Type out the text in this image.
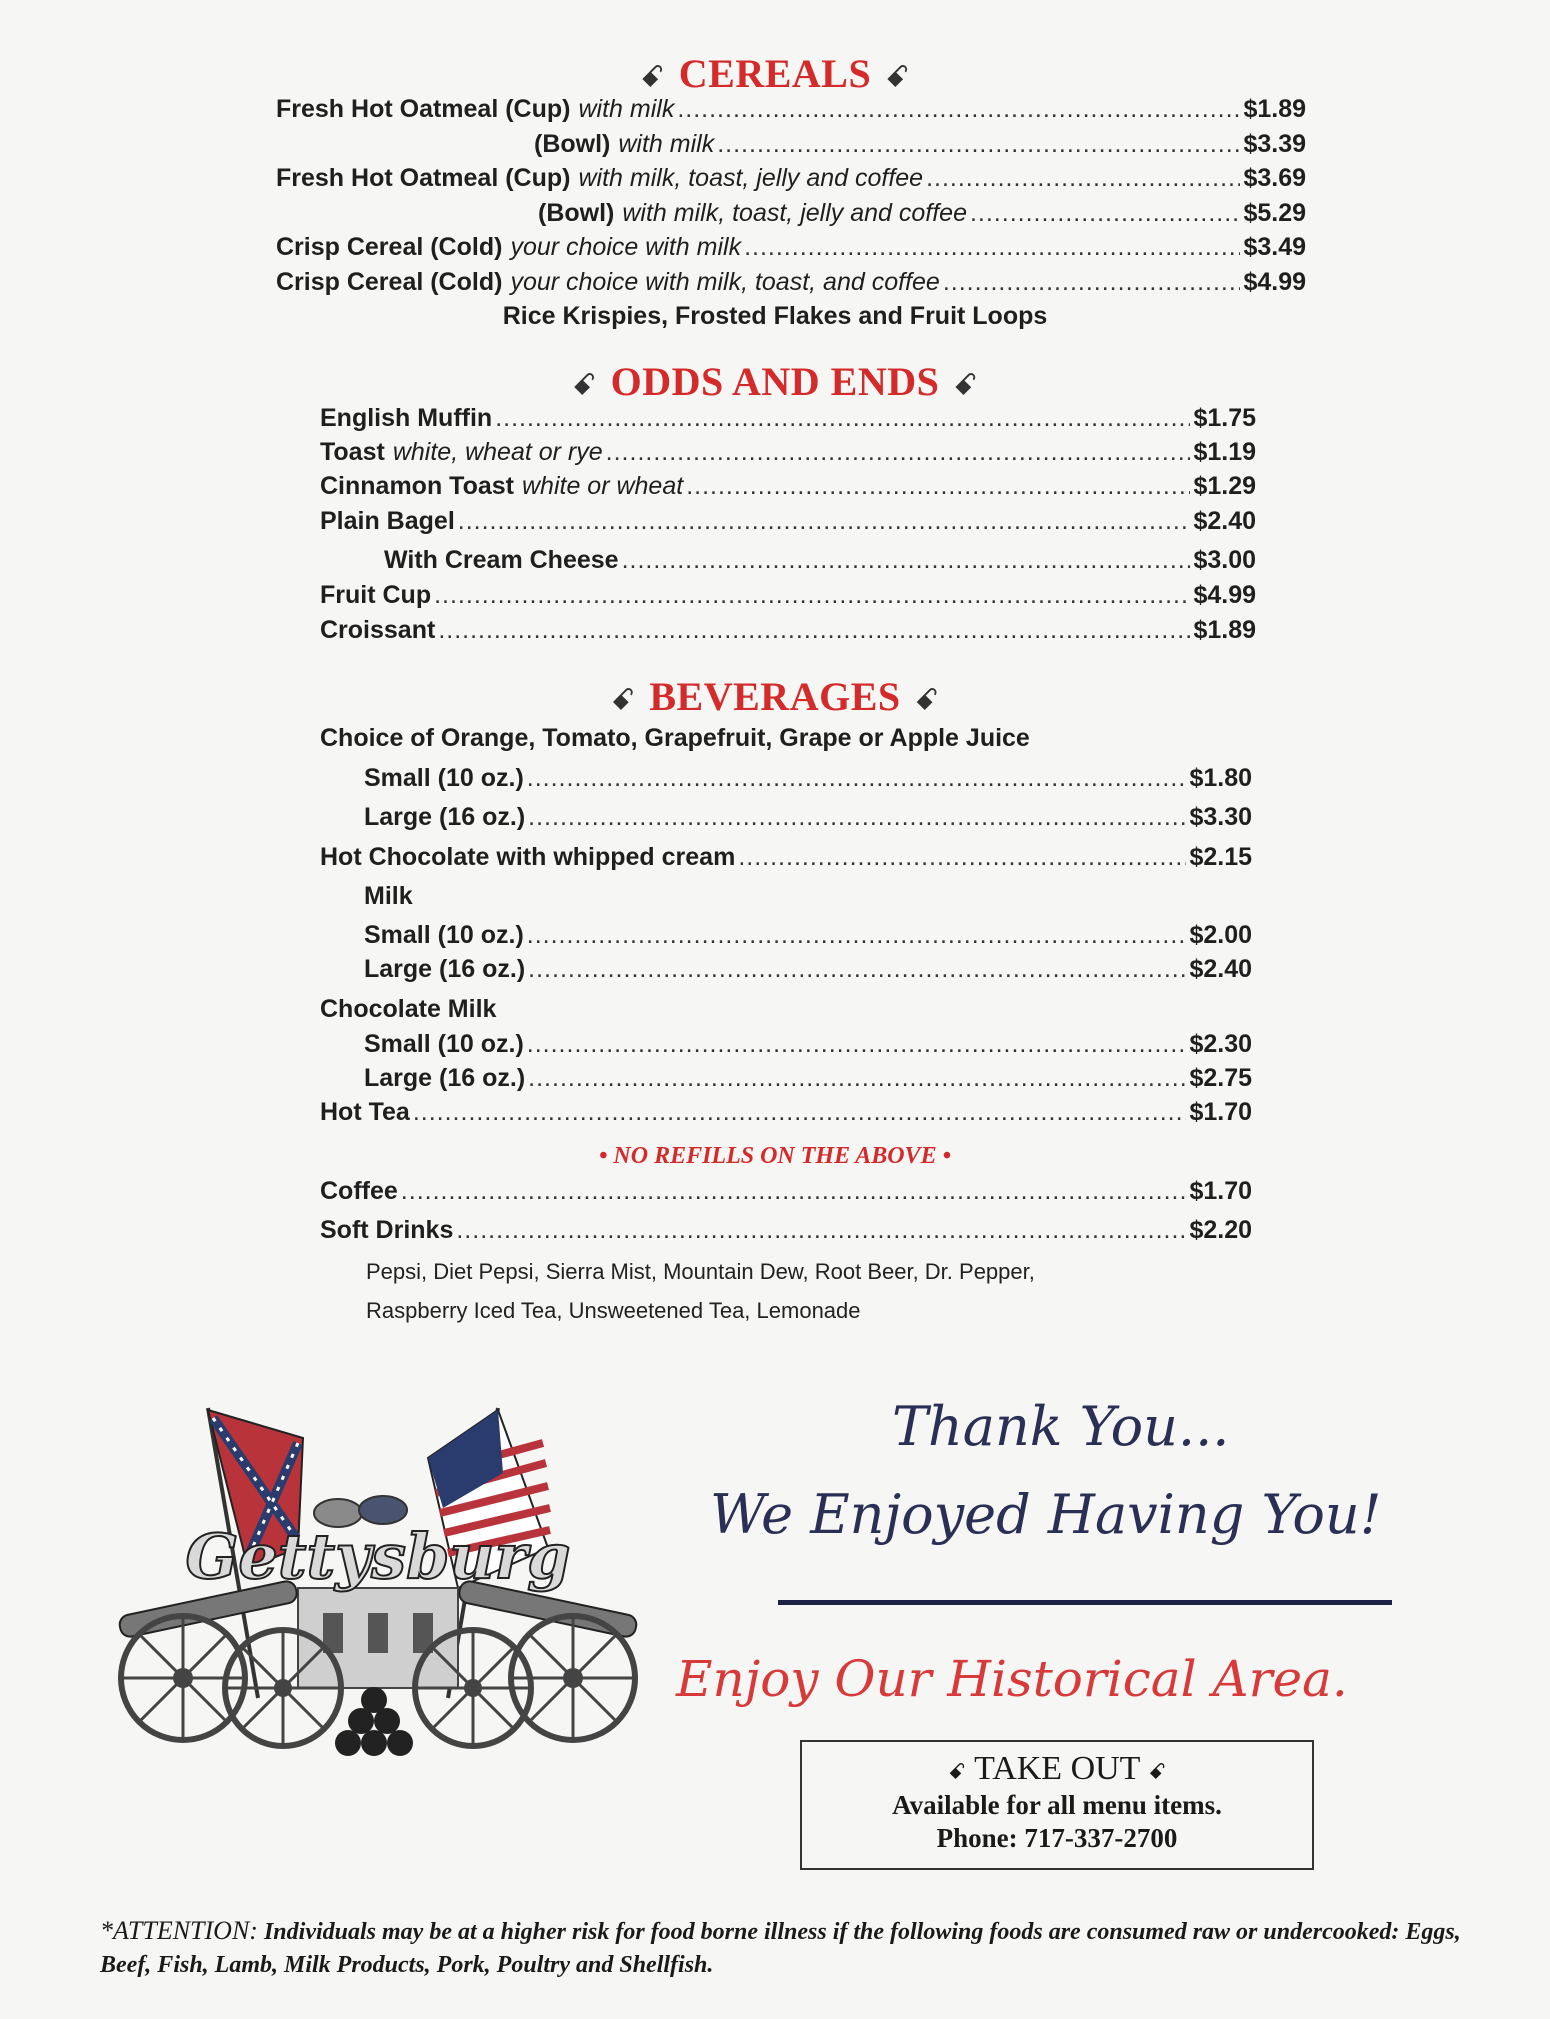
ꗃ CEREALS ꗃ
Fresh Hot Oatmeal (Cup) with milk .....	$1.89
(Bowl) with milk .....	$3.39
Fresh Hot Oatmeal (Cup) with milk, toast, jelly and coffee .....	$3.69
(Bowl) with milk, toast, jelly and coffee .....	$5.29
Crisp Cereal (Cold) your choice with milk .....	$3.49
Crisp Cereal (Cold) your choice with milk, toast, and coffee .....	$4.99
Rice Krispies, Frosted Flakes and Fruit Loops
ꗃ ODDS AND ENDS ꗃ
English Muffin .....	$1.75
Toast white, wheat or rye .....	$1.19
Cinnamon Toast white or wheat .....	$1.29
Plain Bagel .....	$2.40
With Cream Cheese .....	$3.00
Fruit Cup .....	$4.99
Croissant .....	$1.89
ꗃ BEVERAGES ꗃ
Choice of Orange, Tomato, Grapefruit, Grape or Apple Juice
Small (10 oz.) .....	$1.80
Large (16 oz.) .....	$3.30
Hot Chocolate with whipped cream .....	$2.15
Milk
Small (10 oz.) .....	$2.00
Large (16 oz.) .....	$2.40
Chocolate Milk
Small (10 oz.) .....	$2.30
Large (16 oz.) .....	$2.75
Hot Tea .....	$1.70
• NO REFILLS ON THE ABOVE •
Coffee .....	$1.70
Soft Drinks .....	$2.20
Pepsi, Diet Pepsi, Sierra Mist, Mountain Dew, Root Beer, Dr. Pepper,
Raspberry Iced Tea, Unsweetened Tea, Lemonade
Gettysburg
Thank You...
We Enjoyed Having You!
Enjoy Our Historical Area.
ꗃ TAKE OUT ꗃ
Available for all menu items.
Phone: 717-337-2700
*ATTENTION: Individuals may be at a higher risk for food borne illness if the following foods are consumed raw or undercooked: Eggs, Beef, Fish, Lamb, Milk Products, Pork, Poultry and Shellfish.
